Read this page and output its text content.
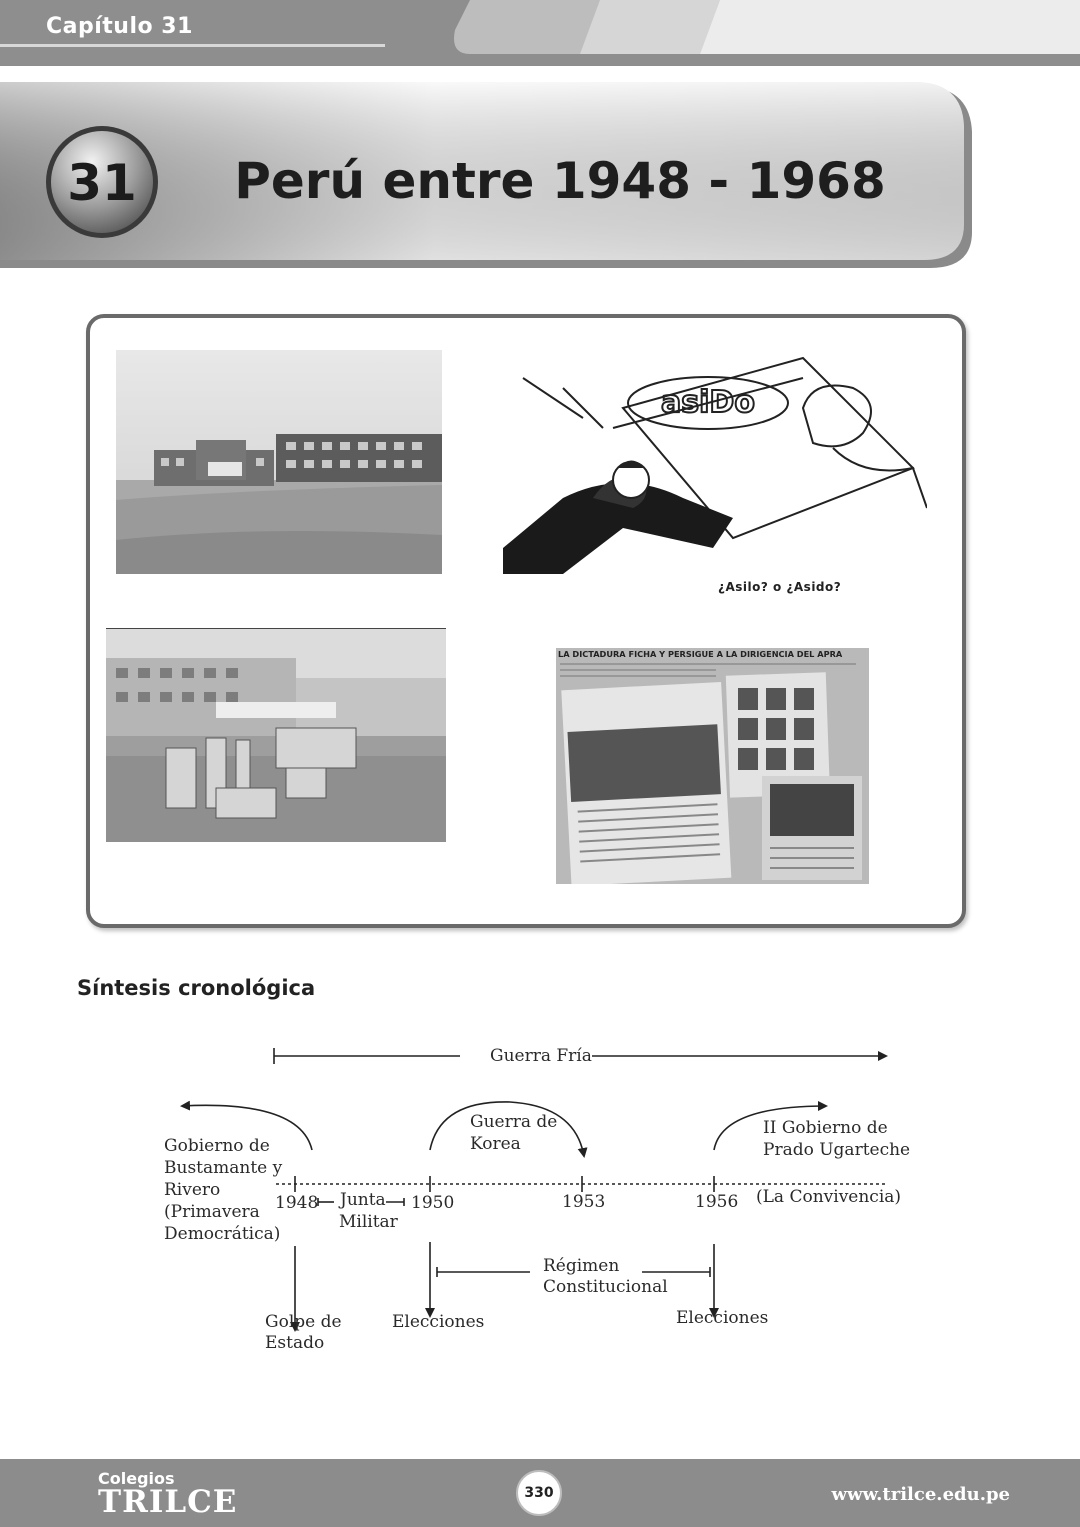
Capítulo 31
31 Perú entre 1948 - 1968
asiDo
¿Asilo? o ¿Asido?
LA DICTADURA FICHA Y PERSIGUE A LA DIRIGENCIA DEL APRA
Síntesis cronológica
Guerra Fría
Gobierno de
Bustamante y
Rivero
(Primavera
Democrática)
Guerra de
Korea
II Gobierno de
Prado Ugarteche
(La Convivencia)
1948	1950	1953	1956
Junta
Militar
Régimen
Constitucional
Golpe de
Estado
Elecciones	Elecciones
Colegios
TRILCE	330	www.trilce.edu.pe
